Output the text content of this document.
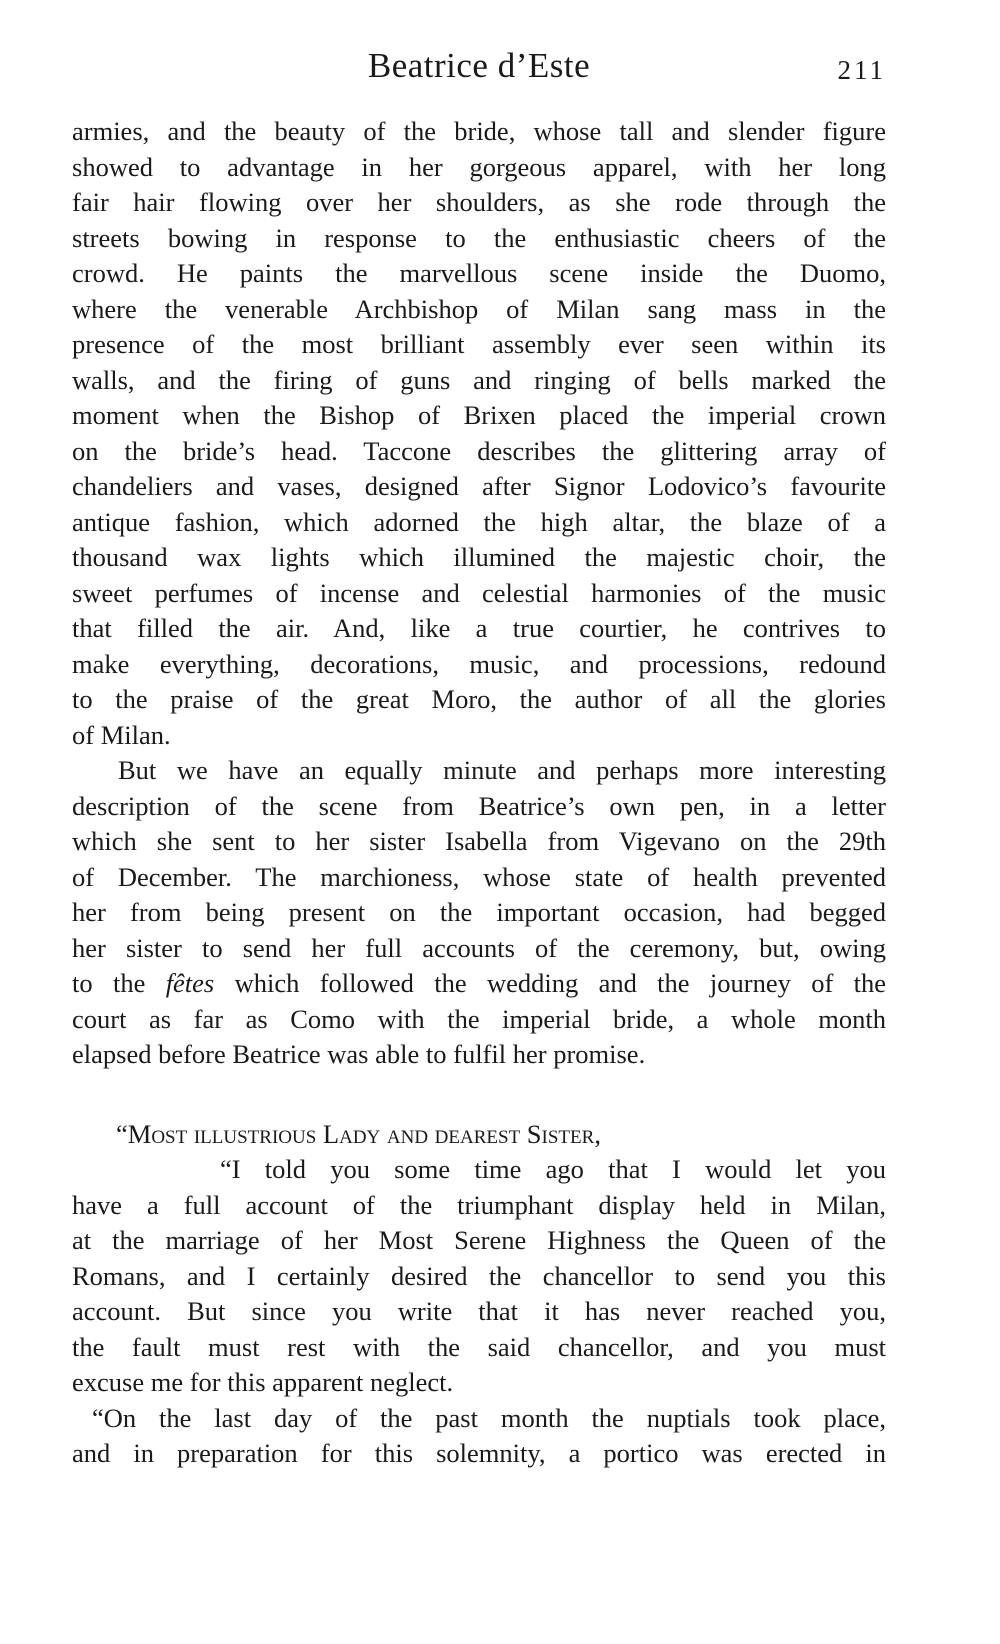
Beatrice d’Este	211
armies, and the beauty of the bride, whose tall and slender figure
showed to advantage in her gorgeous apparel, with her long
fair hair flowing over her shoulders, as she rode through the
streets bowing in response to the enthusiastic cheers of the
crowd. He paints the marvellous scene inside the Duomo,
where the venerable Archbishop of Milan sang mass in the
presence of the most brilliant assembly ever seen within its
walls, and the firing of guns and ringing of bells marked the
moment when the Bishop of Brixen placed the imperial crown
on the bride’s head. Taccone describes the glittering array of
chandeliers and vases, designed after Signor Lodovico’s favourite
antique fashion, which adorned the high altar, the blaze of a
thousand wax lights which illumined the majestic choir, the
sweet perfumes of incense and celestial harmonies of the music
that filled the air. And, like a true courtier, he contrives to
make everything, decorations, music, and processions, redound
to the praise of the great Moro, the author of all the glories
of Milan.
But we have an equally minute and perhaps more interesting
description of the scene from Beatrice’s own pen, in a letter
which she sent to her sister Isabella from Vigevano on the 29th
of December. The marchioness, whose state of health prevented
her from being present on the important occasion, had begged
her sister to send her full accounts of the ceremony, but, owing
to the fêtes which followed the wedding and the journey of the
court as far as Como with the imperial bride, a whole month
elapsed before Beatrice was able to fulfil her promise.
“Most illustrious Lady and dearest Sister,
“I told you some time ago that I would let you
have a full account of the triumphant display held in Milan,
at the marriage of her Most Serene Highness the Queen of the
Romans, and I certainly desired the chancellor to send you this
account. But since you write that it has never reached you,
the fault must rest with the said chancellor, and you must
excuse me for this apparent neglect.
“On the last day of the past month the nuptials took place,
and in preparation for this solemnity, a portico was erected in
